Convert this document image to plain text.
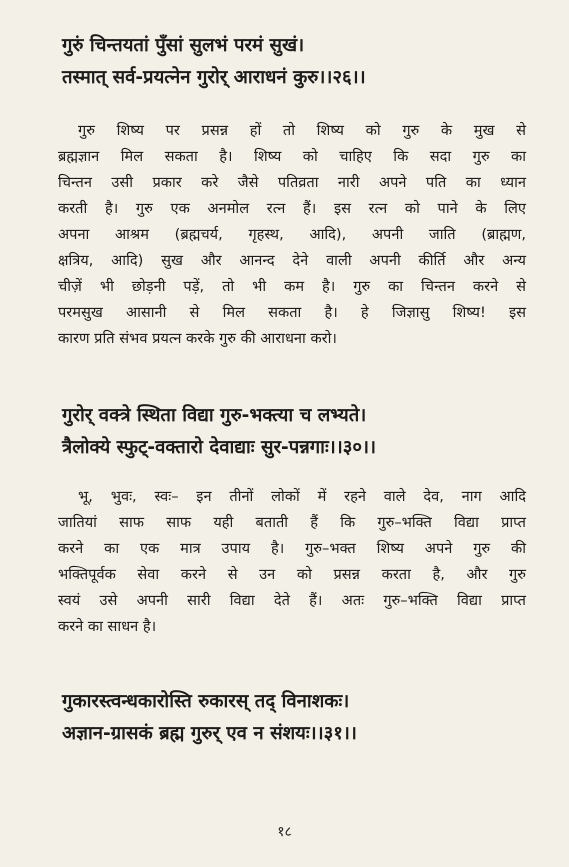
गुरुं चिन्तयतां पुँसां सुलभं परमं सुखं।
तस्मात् सर्व-प्रयत्नेन गुरोर् आराधनं कुरु।।२६।।
गुरु शिष्य पर प्रसन्न हों तो शिष्य को गुरु के मुख से
ब्रह्मज्ञान मिल सकता है। शिष्य को चाहिए कि सदा गुरु का
चिन्तन उसी प्रकार करे जैसे पतिव्रता नारी अपने पति का ध्यान
करती है। गुरु एक अनमोल रत्न हैं। इस रत्न को पाने के लिए
अपना आश्रम (ब्रह्मचर्य, गृहस्थ, आदि), अपनी जाति (ब्राह्मण,
क्षत्रिय, आदि) सुख और आनन्द देने वाली अपनी कीर्ति और अन्य
चीज़ें भी छोड़नी पड़ें, तो भी कम है। गुरु का चिन्तन करने से
परमसुख आसानी से मिल सकता है। हे जिज्ञासु शिष्य! इस
कारण प्रति संभव प्रयत्न करके गुरु की आराधना करो।
गुरोर् वक्त्रे स्थिता विद्या गुरु-भक्त्या च लभ्यते।
त्रैलोक्ये स्फुट्-वक्तारो देवाद्याः सुर-पन्नगाः।।३०।।
भू, भुवः, स्वः– इन तीनों लोकों में रहने वाले देव, नाग आदि
जातियां साफ साफ यही बताती हैं कि गुरु–भक्ति विद्या प्राप्त
करने का एक मात्र उपाय है। गुरु–भक्त शिष्य अपने गुरु की
भक्तिपूर्वक सेवा करने से उन को प्रसन्न करता है, और गुरु
स्वयं उसे अपनी सारी विद्या देते हैं। अतः गुरु–भक्ति विद्या प्राप्त
करने का साधन है।
गुकारस्त्वन्धकारोस्ति रुकारस् तद् विनाशकः।
अज्ञान-ग्रासकं ब्रह्म गुरुर् एव न संशयः।।३१।।
१८
